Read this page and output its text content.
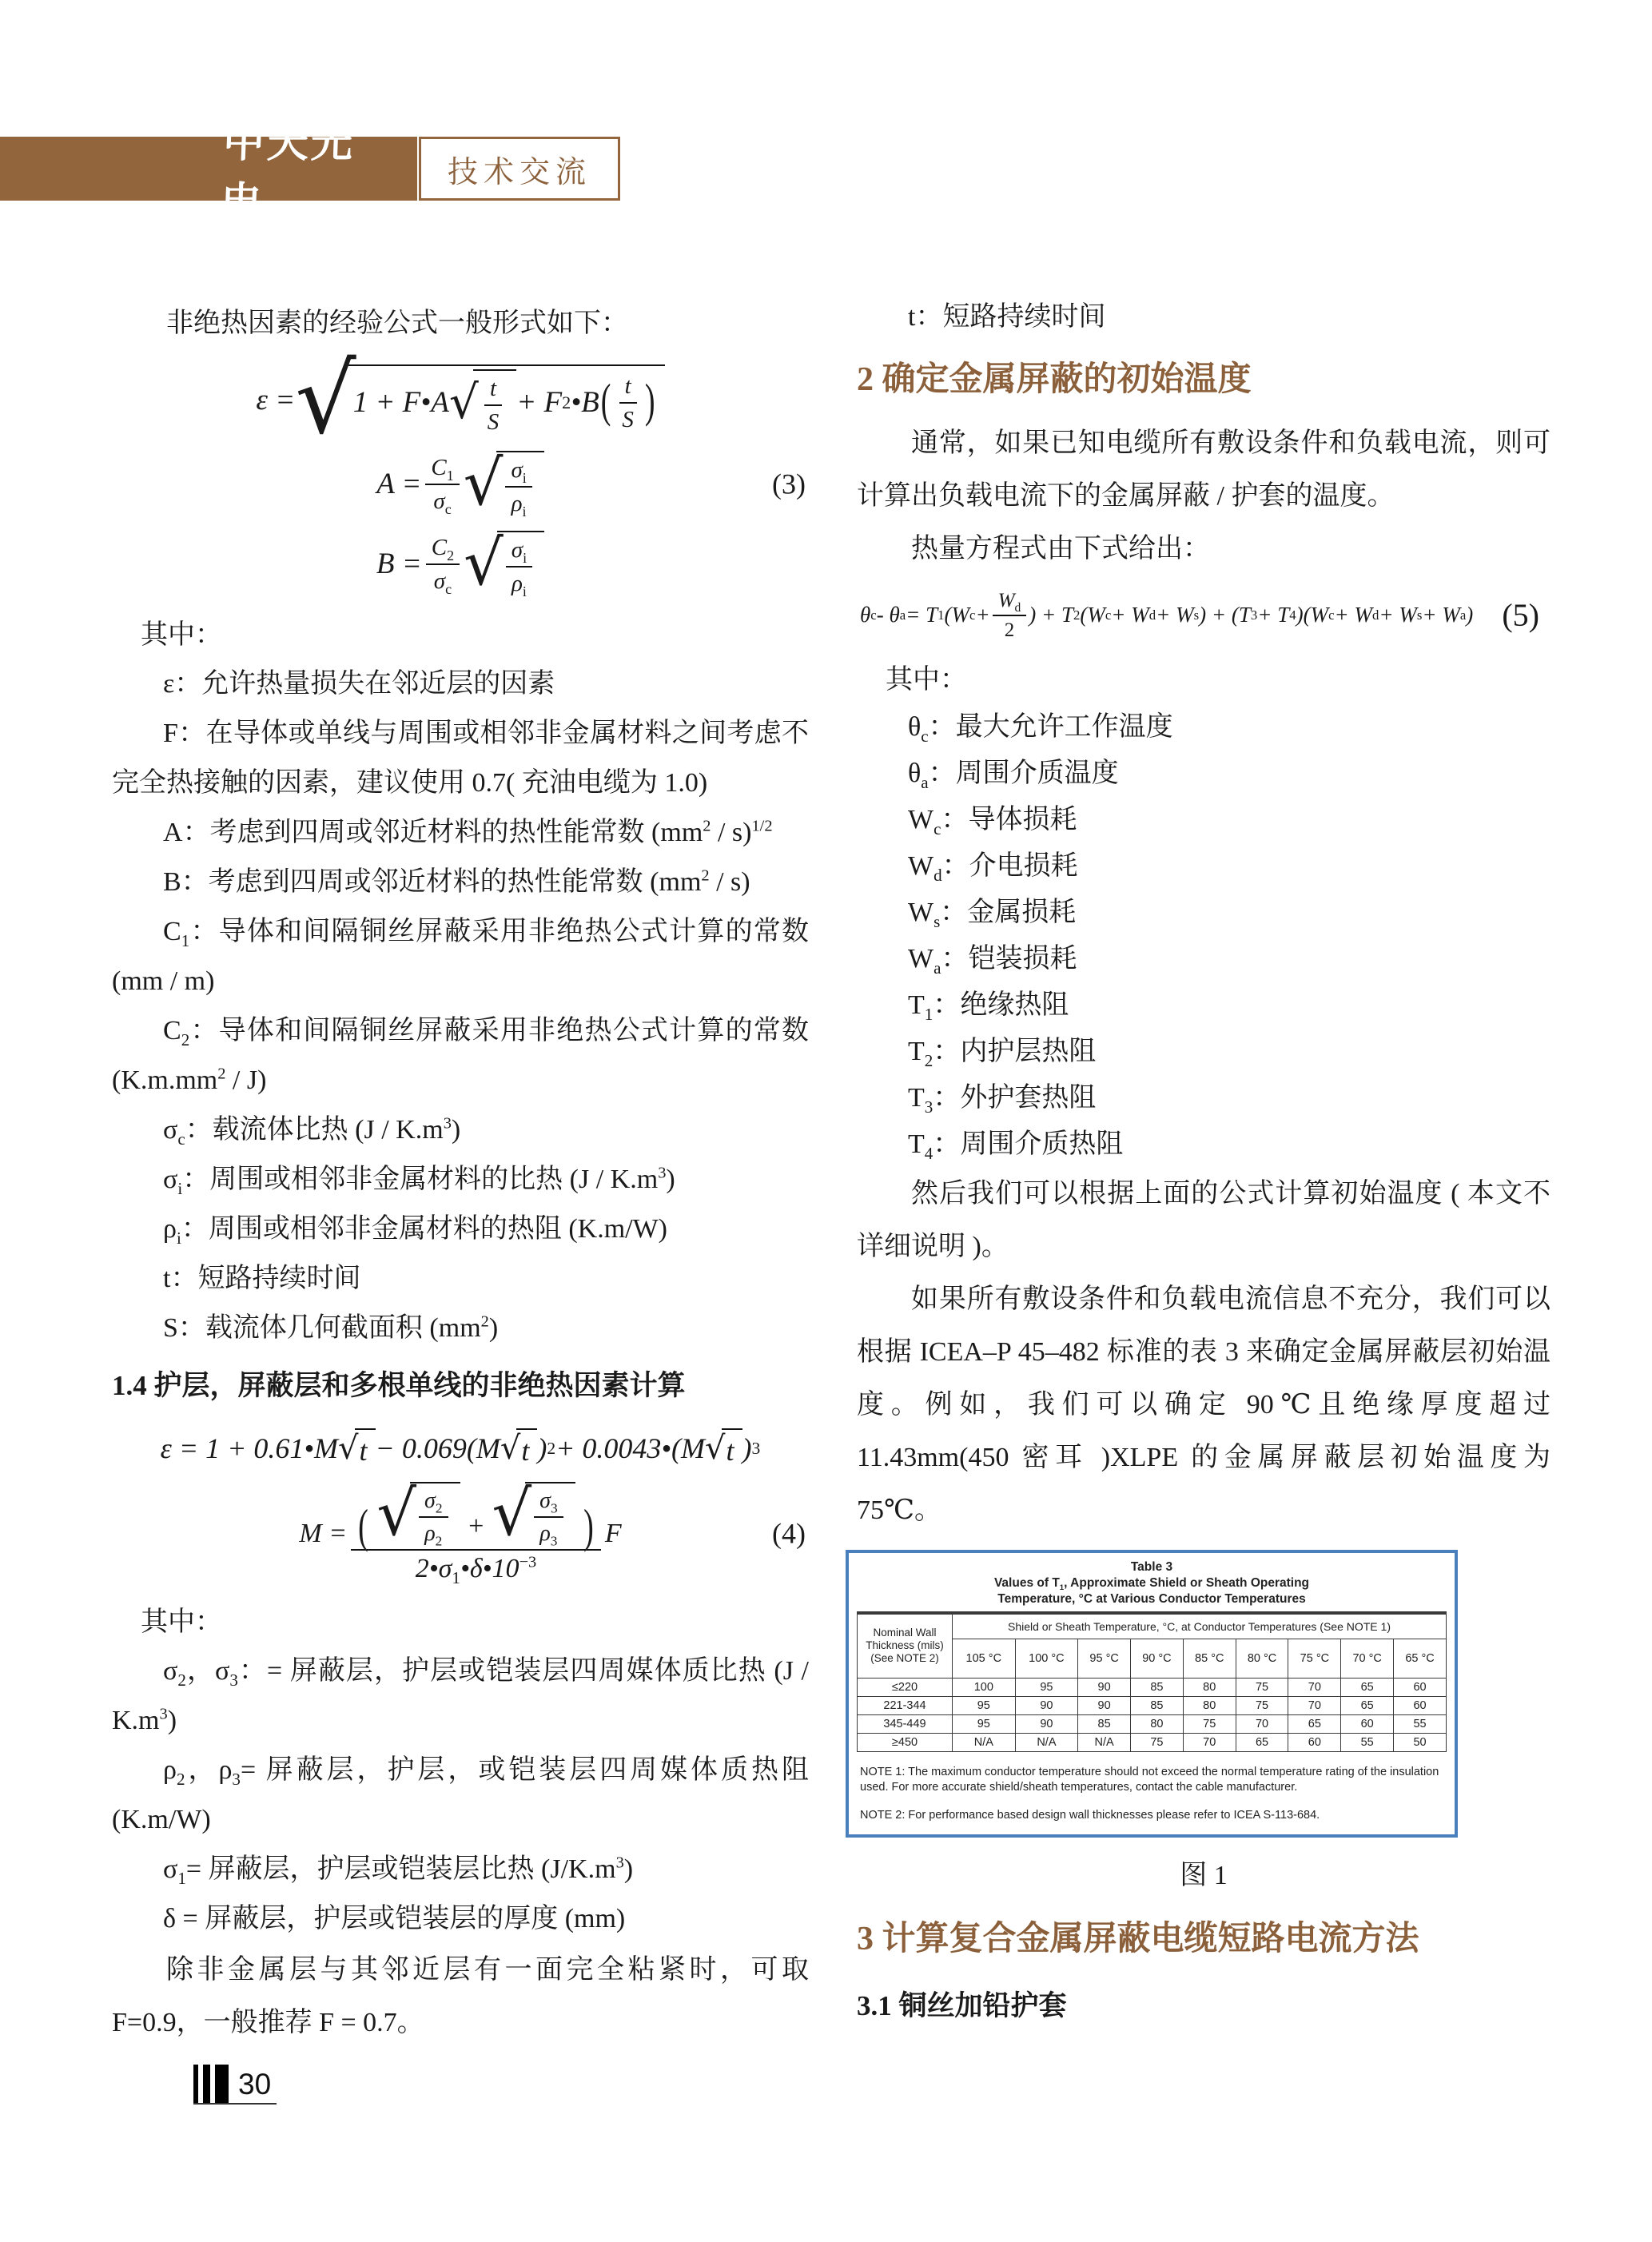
中天光电
技术交流

非绝热因素的经验公式一般形式如下：

ε = √
1 + F•A √ $\frac{t}{S} + F$ 2 •B ( $\frac{t}{S}$ )
$A = \frac{C_1}{\sigma_c}$ √ $\frac{\sigma_i}{\rho_i}$	(3)
$B = \frac{C_2}{\sigma_c}$ √ $\frac{\sigma_i}{\rho_i}$

其中：

ε：允许热量损失在邻近层的因素

F：在导体或单线与周围或相邻非金属材料之间考虑不完全热接触的因素，建议使用 0.7( 充油电缆为 1.0)

A：考虑到四周或邻近材料的热性能常数 $(mm^2 / s)^{1/2}$

B：考虑到四周或邻近材料的热性能常数 $(mm^2 / s)$

$C_1$：导体和间隔铜丝屏蔽采用非绝热公式计算的常数 (mm / m)

$C_2$：导体和间隔铜丝屏蔽采用非绝热公式计算的常数 $(K.m.mm^2 / J)$

$\sigma_c$：载流体比热 $(J / K.m^3)$

$\sigma_i$：周围或相邻非金属材料的比热 $(J / K.m^3)$

$\rho_i$：周围或相邻非金属材料的热阻 (K.m/W)

t：短路持续时间

S：载流体几何截面积 $(mm^2)$

1.4 护层，屏蔽层和多根单线的非绝热因素计算

ε = 1 + 0.61•M √ t − 0.069( M √ t ) 2 + 0.0043•( M √ t ) 3
M = ( √ $\frac{\sigma_2}{\rho_2}$ + √ $\frac{\sigma_3}{\rho_3}$ )
$2•\sigma_1•\delta•10^{-3}$
F	(4)

其中：

$\sigma_2$，$\sigma_3$：= 屏蔽层，护层或铠装层四周媒体质比热 $(J / K.m^3)$

$\rho_2$，$\rho_3=$ 屏蔽层，护层，或铠装层四周媒体质热阻 (K.m/W)

$\sigma_1=$ 屏蔽层，护层或铠装层比热 $(J/K.m^3)$

δ = 屏蔽层，护层或铠装层的厚度 (mm)

除非金属层与其邻近层有一面完全粘紧时，可取 F=0.9，一般推荐 F = 0.7。

t：短路持续时间

2 确定金属屏蔽的初始温度

通常，如果已知电缆所有敷设条件和负载电流，则可计算出负载电流下的金属屏蔽 / 护套的温度。

热量方程式由下式给出：

θ c - θ a = T 1 (W $c + \frac{W_d}{2}$ ) + T 2 (W c + W d + W s ) + (T 3 + T 4 )(W c + W d + W s + W a ) (5)

其中：

$\theta_c$：最大允许工作温度

$\theta_a$：周围介质温度

$W_c$：导体损耗

$W_d$：介电损耗

$W_s$：金属损耗

$W_a$：铠装损耗

$T_1$：绝缘热阻

$T_2$：内护层热阻

$T_3$：外护套热阻

$T_4$：周围介质热阻

然后我们可以根据上面的公式计算初始温度 ( 本文不详细说明 )。

如果所有敷设条件和负载电流信息不充分，我们可以根据 ICEA–P 45–482 标准的表 3 来确定金属屏蔽层初始温度。例如，我们可以确定 90℃且绝缘厚度超过 11.43mm(450 密耳 )XLPE 的金属屏蔽层初始温度为 75℃。

Table 3
Values of $T_1$, Approximate Shield or Sheath Operating
Temperature, °C at Various Conductor Temperatures
Nominal Wall Thickness (mils) (See NOTE 2)	Shield or Sheath Temperature, °C, at Conductor Temperatures (See NOTE 1)								
	105 °C	100 °C	95 °C	90 °C	85 °C	80 °C	75 °C	70 °C	65 °C
≤220	100	95	90	85	80	75	70	65	60
221-344	95	90	90	85	80	75	70	65	60
345-449	95	90	85	80	75	70	65	60	55
≥450	N/A	N/A	N/A	75	70	65	60	55	50

NOTE 1: The maximum conductor temperature should not exceed the normal temperature rating of the insulation used. For more accurate shield/sheath temperatures, contact the cable manufacturer.

NOTE 2: For performance based design wall thicknesses please refer to ICEA S-113-684.

图 1

3 计算复合金属屏蔽电缆短路电流方法

3.1 铜丝加铅护套

30
